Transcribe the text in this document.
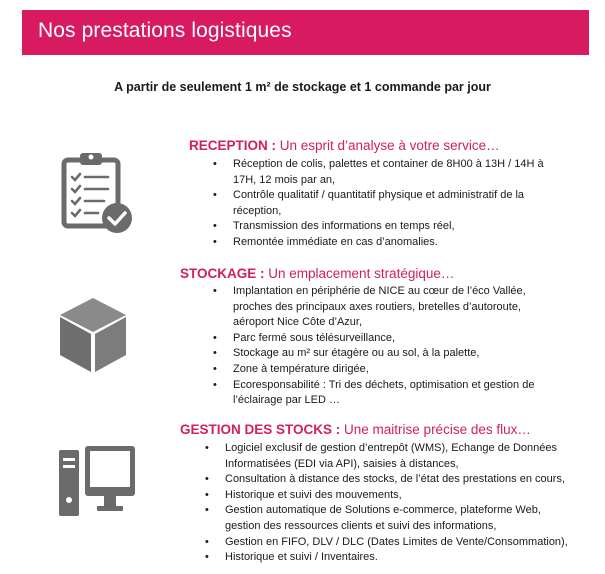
Nos prestations logistiques
A partir de seulement 1 m² de stockage et 1 commande par jour
RECEPTION : Un esprit d’analyse à votre service…
• Réception de colis, palettes et container de 8H00 à 13H / 14H à
17H, 12 mois par an,
• Contrôle qualitatif / quantitatif physique et administratif de la
réception,
• Transmission des informations en temps réel,
• Remontée immédiate en cas d’anomalies.
STOCKAGE : Un emplacement stratégique…
• Implantation en périphérie de NICE au cœur de l’éco Vallée,
proches des principaux axes routiers, bretelles d’autoroute,
aéroport Nice Côte d’Azur,
• Parc fermé sous télésurveillance,
• Stockage au m² sur étagère ou au sol, à la palette,
• Zone à température dirigée,
• Ecoresponsabilité : Tri des déchets, optimisation et gestion de
l’éclairage par LED …
GESTION DES STOCKS : Une maitrise précise des flux…
• Logiciel exclusif de gestion d’entrepôt (WMS), Echange de Données
Informatisées (EDI via API), saisies à distances,
• Consultation à distance des stocks, de l’état des prestations en cours,
• Historique et suivi des mouvements,
• Gestion automatique de Solutions e-commerce, plateforme Web,
gestion des ressources clients et suivi des informations,
• Gestion en FIFO, DLV / DLC (Dates Limites de Vente/Consommation),
• Historique et suivi / Inventaires.
